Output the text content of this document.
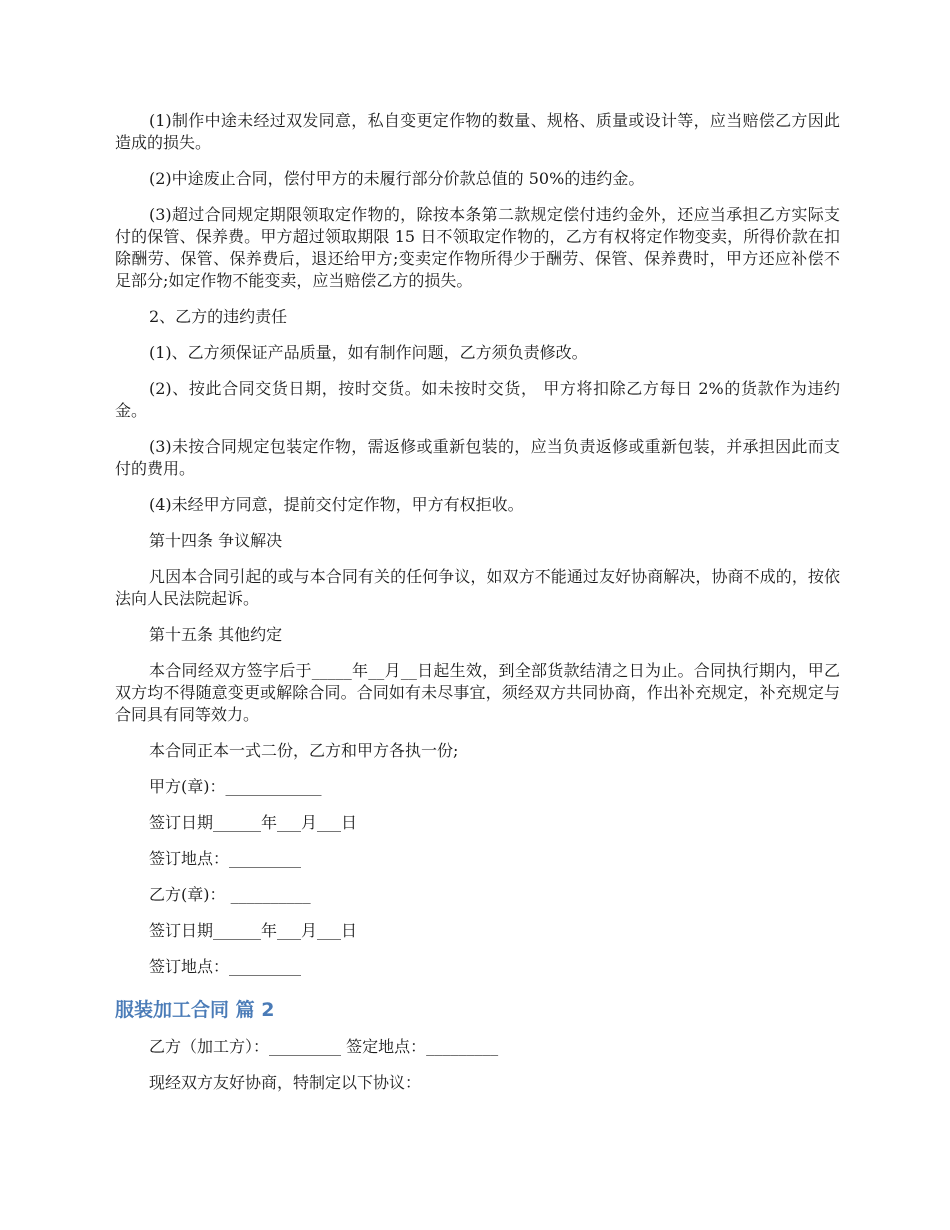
(1)制作中途未经过双发同意，私自变更定作物的数量、规格、质量或设计等，应当赔偿乙方因此造成的损失。

(2)中途废止合同，偿付甲方的未履行部分价款总值的 50%的违约金。

(3)超过合同规定期限领取定作物的，除按本条第二款规定偿付违约金外，还应当承担乙方实际支付的保管、保养费。甲方超过领取期限 15 日不领取定作物的，乙方有权将定作物变卖，所得价款在扣除酬劳、保管、保养费后，退还给甲方;变卖定作物所得少于酬劳、保管、保养费时，甲方还应补偿不足部分;如定作物不能变卖，应当赔偿乙方的损失。

2、乙方的违约责任

(1)、乙方须保证产品质量，如有制作问题，乙方须负责修改。

(2)、按此合同交货日期，按时交货。如未按时交货， 甲方将扣除乙方每日 2%的货款作为违约金。

(3)未按合同规定包装定作物，需返修或重新包装的，应当负责返修或重新包装，并承担因此而支付的费用。

(4)未经甲方同意，提前交付定作物，甲方有权拒收。

第十四条 争议解决

凡因本合同引起的或与本合同有关的任何争议，如双方不能通过友好协商解决，协商不成的，按依法向人民法院起诉。

第十五条 其他约定

本合同经双方签字后于_____年__月__日起生效，到全部货款结清之日为止。合同执行期内，甲乙双方均不得随意变更或解除合同。合同如有未尽事宜，须经双方共同协商，作出补充规定，补充规定与合同具有同等效力。

本合同正本一式二份，乙方和甲方各执一份;

甲方(章)：____________

签订日期______年___月___日

签订地点：_________

乙方(章)： __________

签订日期______年___月___日

签订地点：_________

服装加工合同 篇 2

乙方（加工方）：_________ 签定地点：_________

现经双方友好协商，特制定以下协议：
